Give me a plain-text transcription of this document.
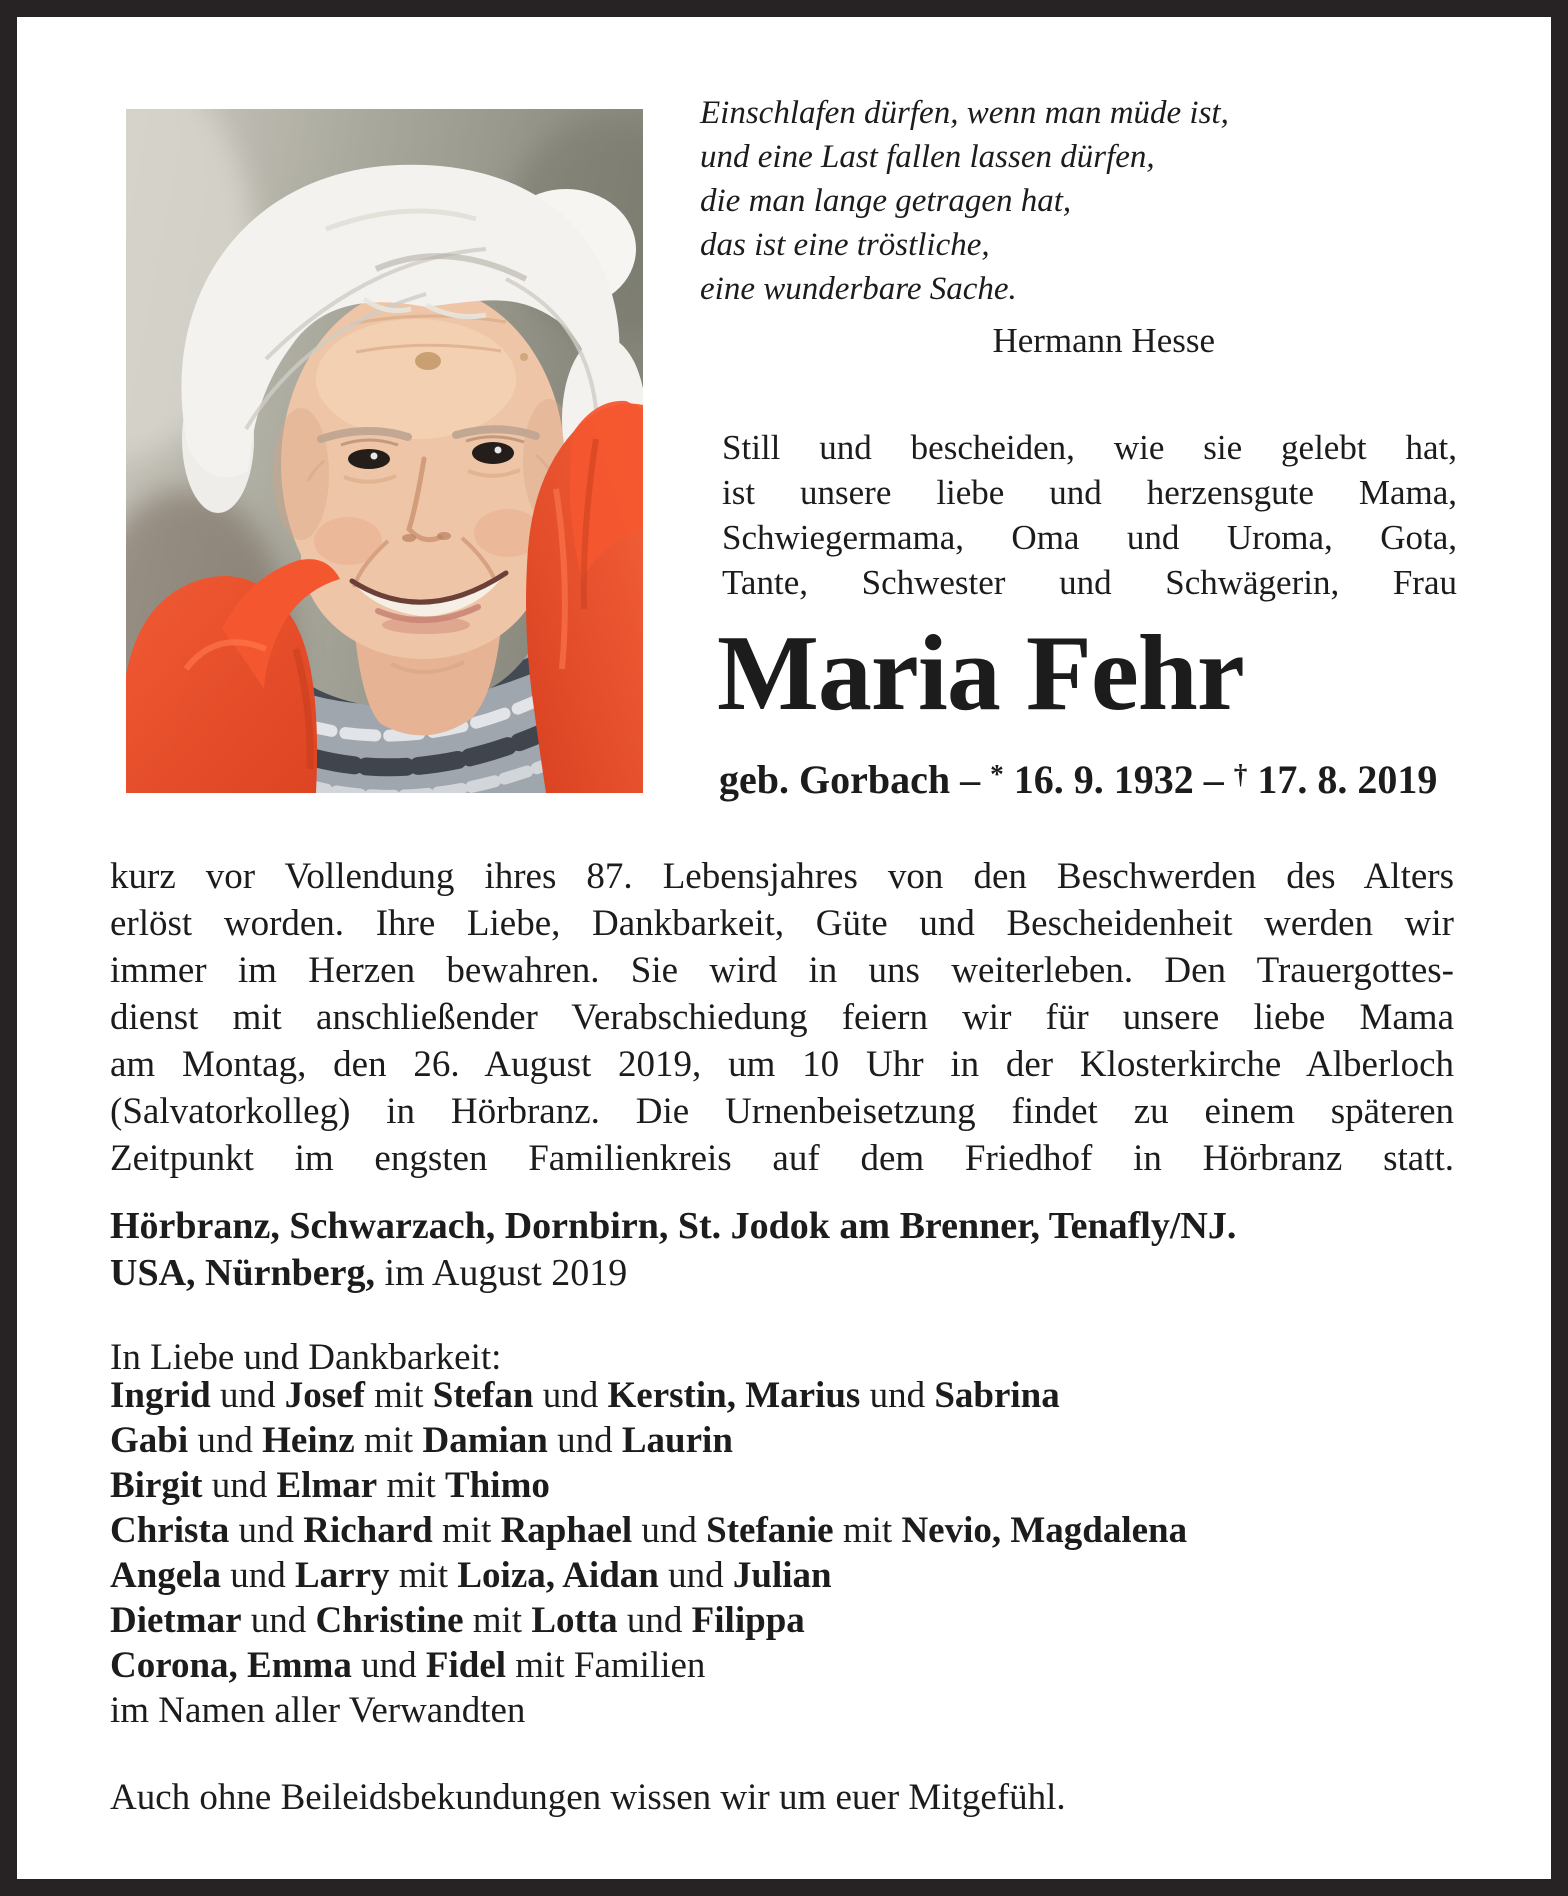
Einschlafen dürfen, wenn man müde ist,
und eine Last fallen lassen dürfen,
die man lange getragen hat,
das ist eine tröstliche,
eine wunderbare Sache.
Hermann Hesse
Still und bescheiden, wie sie gelebt hat,
ist unsere liebe und herzensgute Mama,
Schwiegermama, Oma und Uroma, Gota,
Tante, Schwester und Schwägerin, Frau
Maria Fehr
geb. Gorbach – * 16. 9. 1932 – † 17. 8. 2019
kurz vor Vollendung ihres 87. Lebensjahres von den Beschwerden des Alters
erlöst worden. Ihre Liebe, Dankbarkeit, Güte und Bescheidenheit werden wir
immer im Herzen bewahren. Sie wird in uns weiterleben. Den Trauergottes-
dienst mit anschließender Verabschiedung feiern wir für unsere liebe Mama
am Montag, den 26. August 2019, um 10 Uhr in der Klosterkirche Alberloch
(Salvatorkolleg) in Hörbranz. Die Urnenbeisetzung findet zu einem späteren
Zeitpunkt im engsten Familienkreis auf dem Friedhof in Hörbranz statt.
Hörbranz, Schwarzach, Dornbirn, St. Jodok am Brenner, Tenafly/NJ.
USA, Nürnberg, im August 2019
In Liebe und Dankbarkeit:
Ingrid und Josef mit Stefan und Kerstin, Marius und Sabrina
Gabi und Heinz mit Damian und Laurin
Birgit und Elmar mit Thimo
Christa und Richard mit Raphael und Stefanie mit Nevio, Magdalena
Angela und Larry mit Loiza, Aidan und Julian
Dietmar und Christine mit Lotta und Filippa
Corona, Emma und Fidel mit Familien
im Namen aller Verwandten
Auch ohne Beileidsbekundungen wissen wir um euer Mitgefühl.
